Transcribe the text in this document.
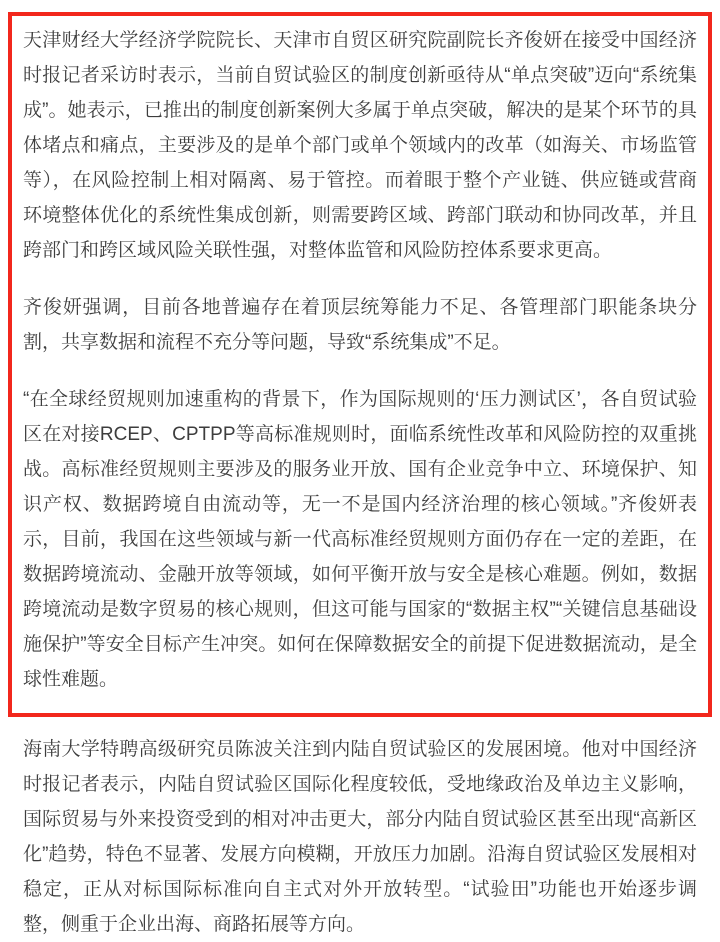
天津财经大学经济学院院长、天津市自贸区研究院副院长齐俊妍在接受中国经济时报记者采访时表示，当前自贸试验区的制度创新亟待从“单点突破”迈向“系统集成”。她表示，已推出的制度创新案例大多属于单点突破，解决的是某个环节的具体堵点和痛点，主要涉及的是单个部门或单个领域内的改革（如海关、市场监管等），在风险控制上相对隔离、易于管控。而着眼于整个产业链、供应链或营商环境整体优化的系统性集成创新，则需要跨区域、跨部门联动和协同改革，并且跨部门和跨区域风险关联性强，对整体监管和风险防控体系要求更高。

齐俊妍强调，目前各地普遍存在着顶层统筹能力不足、各管理部门职能条块分割，共享数据和流程不充分等问题，导致“系统集成”不足。

“在全球经贸规则加速重构的背景下，作为国际规则的‘压力测试区’，各自贸试验区在对接RCEP、CPTPP等高标准规则时，面临系统性改革和风险防控的双重挑战。高标准经贸规则主要涉及的服务业开放、国有企业竞争中立、环境保护、知识产权、数据跨境自由流动等，无一不是国内经济治理的核心领域。”齐俊妍表示，目前，我国在这些领域与新一代高标准经贸规则方面仍存在一定的差距，在数据跨境流动、金融开放等领域，如何平衡开放与安全是核心难题。例如，数据跨境流动是数字贸易的核心规则，但这可能与国家的“数据主权”“关键信息基础设施保护”等安全目标产生冲突。如何在保障数据安全的前提下促进数据流动，是全球性难题。

海南大学特聘高级研究员陈波关注到内陆自贸试验区的发展困境。他对中国经济时报记者表示，内陆自贸试验区国际化程度较低，受地缘政治及单边主义影响，国际贸易与外来投资受到的相对冲击更大，部分内陆自贸试验区甚至出现“高新区化”趋势，特色不显著、发展方向模糊，开放压力加剧。沿海自贸试验区发展相对稳定，正从对标国际标准向自主式对外开放转型。“试验田”功能也开始逐步调整，侧重于企业出海、商路拓展等方向。
